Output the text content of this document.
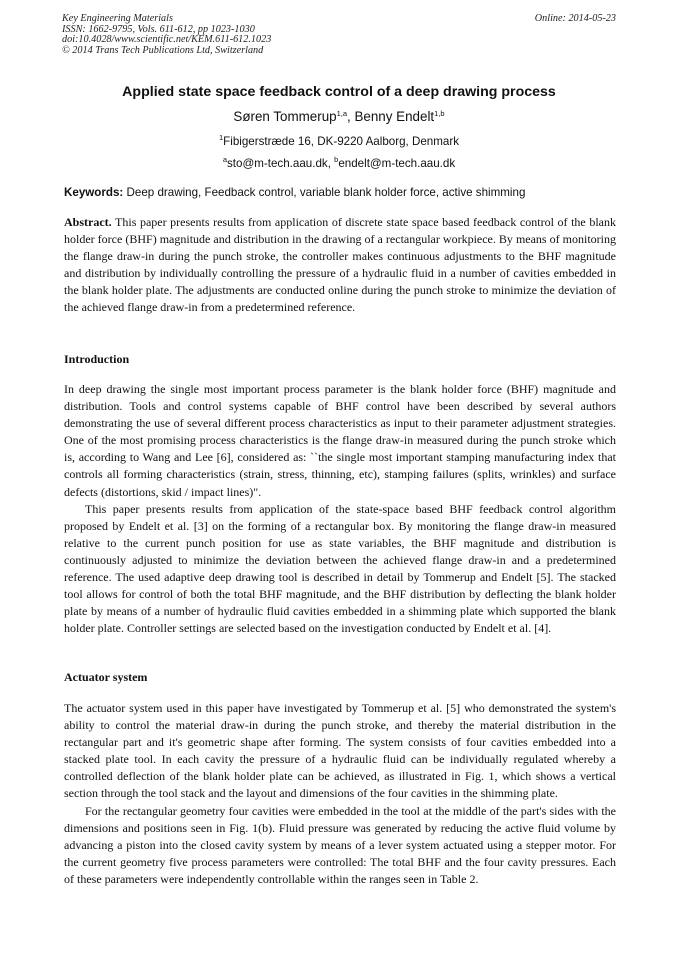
Key Engineering Materials
ISSN: 1662-9795, Vols. 611-612, pp 1023-1030
doi:10.4028/www.scientific.net/KEM.611-612.1023
© 2014 Trans Tech Publications Ltd, Switzerland
Online: 2014-05-23
Applied state space feedback control of a deep drawing process
Søren Tommerup$^{1,a}$, Benny Endelt$^{1,b}$
$^1$Fibigerstræde 16, DK-9220 Aalborg, Denmark
$^a$sto@m-tech.aau.dk, $^b$endelt@m-tech.aau.dk
Keywords: Deep drawing, Feedback control, variable blank holder force, active shimming
Abstract. This paper presents results from application of discrete state space based feedback control of the blank holder force (BHF) magnitude and distribution in the drawing of a rectangular workpiece. By means of monitoring the flange draw-in during the punch stroke, the controller makes continuous adjustments to the BHF magnitude and distribution by individually controlling the pressure of a hydraulic fluid in a number of cavities embedded in the blank holder plate. The adjustments are conducted online during the punch stroke to minimize the deviation of the achieved flange draw-in from a predetermined reference.
Introduction

In deep drawing the single most important process parameter is the blank holder force (BHF) magnitude and distribution. Tools and control systems capable of BHF control have been described by several authors demonstrating the use of several different process characteristics as input to their parameter adjustment strategies. One of the most promising process characteristics is the flange draw-in measured during the punch stroke which is, according to Wang and Lee [6], considered as: ``the single most important stamping manufacturing index that controls all forming characteristics (strain, stress, thinning, etc), stamping failures (splits, wrinkles) and surface defects (distortions, skid / impact lines)".

This paper presents results from application of the state-space based BHF feedback control algorithm proposed by Endelt et al. [3] on the forming of a rectangular box. By monitoring the flange draw-in measured relative to the current punch position for use as state variables, the BHF magnitude and distribution is continuously adjusted to minimize the deviation between the achieved flange draw-in and a predetermined reference. The used adaptive deep drawing tool is described in detail by Tommerup and Endelt [5]. The stacked tool allows for control of both the total BHF magnitude, and the BHF distribution by deflecting the blank holder plate by means of a number of hydraulic fluid cavities embedded in a shimming plate which supported the blank holder plate. Controller settings are selected based on the investigation conducted by Endelt et al. [4].

Actuator system

The actuator system used in this paper have investigated by Tommerup et al. [5] who demonstrated the system's ability to control the material draw-in during the punch stroke, and thereby the material distribution in the rectangular part and it's geometric shape after forming. The system consists of four cavities embedded into a stacked plate tool. In each cavity the pressure of a hydraulic fluid can be individually regulated whereby a controlled deflection of the blank holder plate can be achieved, as illustrated in Fig. 1, which shows a vertical section through the tool stack and the layout and dimensions of the four cavities in the shimming plate.

For the rectangular geometry four cavities were embedded in the tool at the middle of the part's sides with the dimensions and positions seen in Fig. 1(b). Fluid pressure was generated by reducing the active fluid volume by advancing a piston into the closed cavity system by means of a lever system actuated using a stepper motor. For the current geometry five process parameters were controlled: The total BHF and the four cavity pressures. Each of these parameters were independently controllable within the ranges seen in Table 2.
